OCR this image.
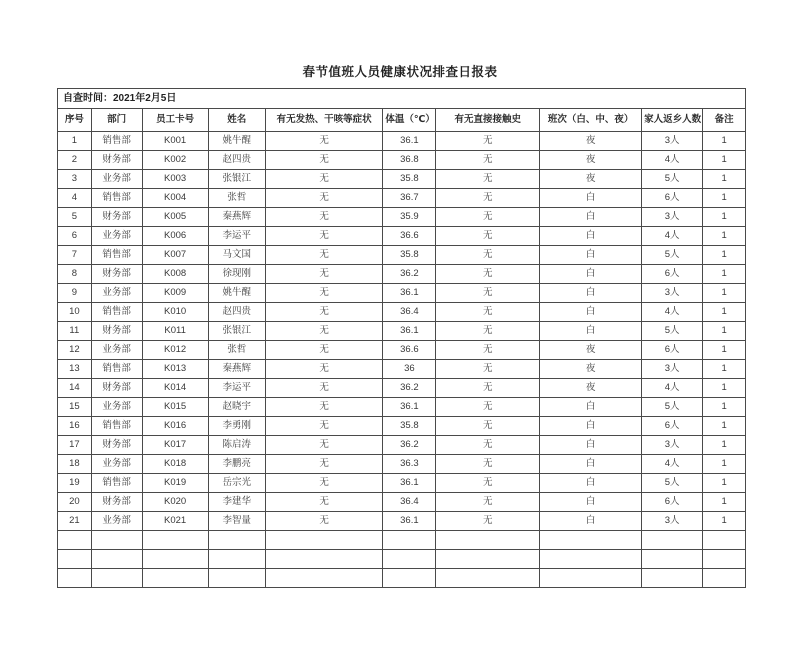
春节值班人员健康状况排查日报表
自查时间：2021年2月5日									
序号	部门	员工卡号	姓名	有无发热、干咳等症状	体温（℃）	有无直接接触史	班次（白、中、夜）	家人返乡人数	备注
1	销售部	K001	姚牛醒	无	36.1	无	夜	3人	1
2	财务部	K002	赵四贵	无	36.8	无	夜	4人	1
3	业务部	K003	张银江	无	35.8	无	夜	5人	1
4	销售部	K004	张哲	无	36.7	无	白	6人	1
5	财务部	K005	秦燕辉	无	35.9	无	白	3人	1
6	业务部	K006	李运平	无	36.6	无	白	4人	1
7	销售部	K007	马文国	无	35.8	无	白	5人	1
8	财务部	K008	徐现刚	无	36.2	无	白	6人	1
9	业务部	K009	姚牛醒	无	36.1	无	白	3人	1
10	销售部	K010	赵四贵	无	36.4	无	白	4人	1
11	财务部	K011	张银江	无	36.1	无	白	5人	1
12	业务部	K012	张哲	无	36.6	无	夜	6人	1
13	销售部	K013	秦燕辉	无	36	无	夜	3人	1
14	财务部	K014	李运平	无	36.2	无	夜	4人	1
15	业务部	K015	赵晓宇	无	36.1	无	白	5人	1
16	销售部	K016	李勇刚	无	35.8	无	白	6人	1
17	财务部	K017	陈启涛	无	36.2	无	白	3人	1
18	业务部	K018	李鹏亮	无	36.3	无	白	4人	1
19	销售部	K019	岳宗光	无	36.1	无	白	5人	1
20	财务部	K020	李建华	无	36.4	无	白	6人	1
21	业务部	K021	李智量	无	36.1	无	白	3人	1
